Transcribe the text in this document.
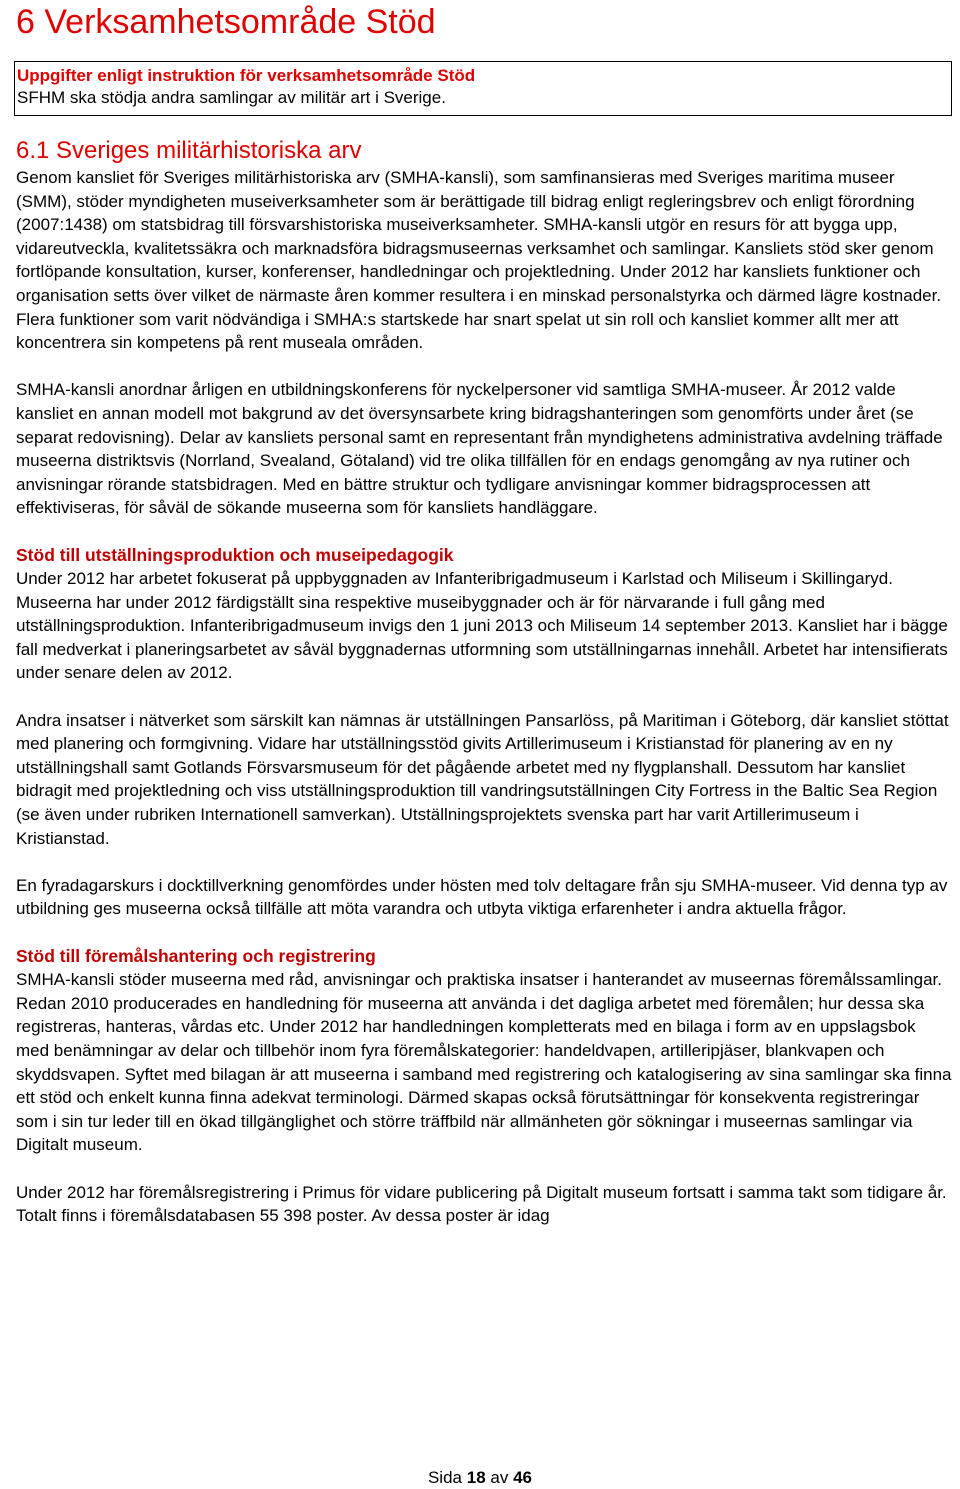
6 Verksamhetsområde Stöd
Uppgifter enligt instruktion för verksamhetsområde Stöd
SFHM ska stödja andra samlingar av militär art i Sverige.
6.1 Sveriges militärhistoriska arv

Genom kansliet för Sveriges militärhistoriska arv (SMHA-kansli), som samfinansieras med Sveriges maritima museer (SMM), stöder myndigheten museiverksamheter som är berättigade till bidrag enligt regleringsbrev och enligt förordning (2007:1438) om statsbidrag till försvarshistoriska museiverksamheter. SMHA-kansli utgör en resurs för att bygga upp, vidareutveckla, kvalitetssäkra och marknadsföra bidragsmuseernas verksamhet och samlingar. Kansliets stöd sker genom fortlöpande konsultation, kurser, konferenser, handledningar och projektledning. Under 2012 har kansliets funktioner och organisation setts över vilket de närmaste åren kommer resultera i en minskad personalstyrka och därmed lägre kostnader. Flera funktioner som varit nödvändiga i SMHA:s startskede har snart spelat ut sin roll och kansliet kommer allt mer att koncentrera sin kompetens på rent museala områden.

SMHA-kansli anordnar årligen en utbildningskonferens för nyckelpersoner vid samtliga SMHA-museer. År 2012 valde kansliet en annan modell mot bakgrund av det översynsarbete kring bidragshanteringen som genomförts under året (se separat redovisning). Delar av kansliets personal samt en representant från myndighetens administrativa avdelning träffade museerna distriktsvis (Norrland, Svealand, Götaland) vid tre olika tillfällen för en endags genomgång av nya rutiner och anvisningar rörande statsbidragen. Med en bättre struktur och tydligare anvisningar kommer bidragsprocessen att effektiviseras, för såväl de sökande museerna som för kansliets handläggare.

Stöd till utställningsproduktion och museipedagogik

Under 2012 har arbetet fokuserat på uppbyggnaden av Infanteribrigadmuseum i Karlstad och Miliseum i Skillingaryd. Museerna har under 2012 färdigställt sina respektive museibyggnader och är för närvarande i full gång med utställningsproduktion. Infanteribrigadmuseum invigs den 1 juni 2013 och Miliseum 14 september 2013. Kansliet har i bägge fall medverkat i planeringsarbetet av såväl byggnadernas utformning som utställningarnas innehåll. Arbetet har intensifierats under senare delen av 2012.

Andra insatser i nätverket som särskilt kan nämnas är utställningen Pansarlöss, på Maritiman i Göteborg, där kansliet stöttat med planering och formgivning. Vidare har utställningsstöd givits Artillerimuseum i Kristianstad för planering av en ny utställningshall samt Gotlands Försvarsmuseum för det pågående arbetet med ny flygplanshall. Dessutom har kansliet bidragit med projektledning och viss utställningsproduktion till vandringsutställningen City Fortress in the Baltic Sea Region (se även under rubriken Internationell samverkan). Utställningsprojektets svenska part har varit Artillerimuseum i Kristianstad.

En fyradagarskurs i docktillverkning genomfördes under hösten med tolv deltagare från sju SMHA-museer. Vid denna typ av utbildning ges museerna också tillfälle att möta varandra och utbyta viktiga erfarenheter i andra aktuella frågor.

Stöd till föremålshantering och registrering

SMHA-kansli stöder museerna med råd, anvisningar och praktiska insatser i hanterandet av museernas föremålssamlingar. Redan 2010 producerades en handledning för museerna att använda i det dagliga arbetet med föremålen; hur dessa ska registreras, hanteras, vårdas etc. Under 2012 har handledningen kompletterats med en bilaga i form av en uppslagsbok med benämningar av delar och tillbehör inom fyra föremålskategorier: handeldvapen, artilleripjäser, blankvapen och skyddsvapen. Syftet med bilagan är att museerna i samband med registrering och katalogisering av sina samlingar ska finna ett stöd och enkelt kunna finna adekvat terminologi. Därmed skapas också förutsättningar för konsekventa registreringar som i sin tur leder till en ökad tillgänglighet och större träffbild när allmänheten gör sökningar i museernas samlingar via Digitalt museum.

Under 2012 har föremålsregistrering i Primus för vidare publicering på Digitalt museum fortsatt i samma takt som tidigare år. Totalt finns i föremålsdatabasen 55 398 poster. Av dessa poster är idag

Sida 18 av 46
